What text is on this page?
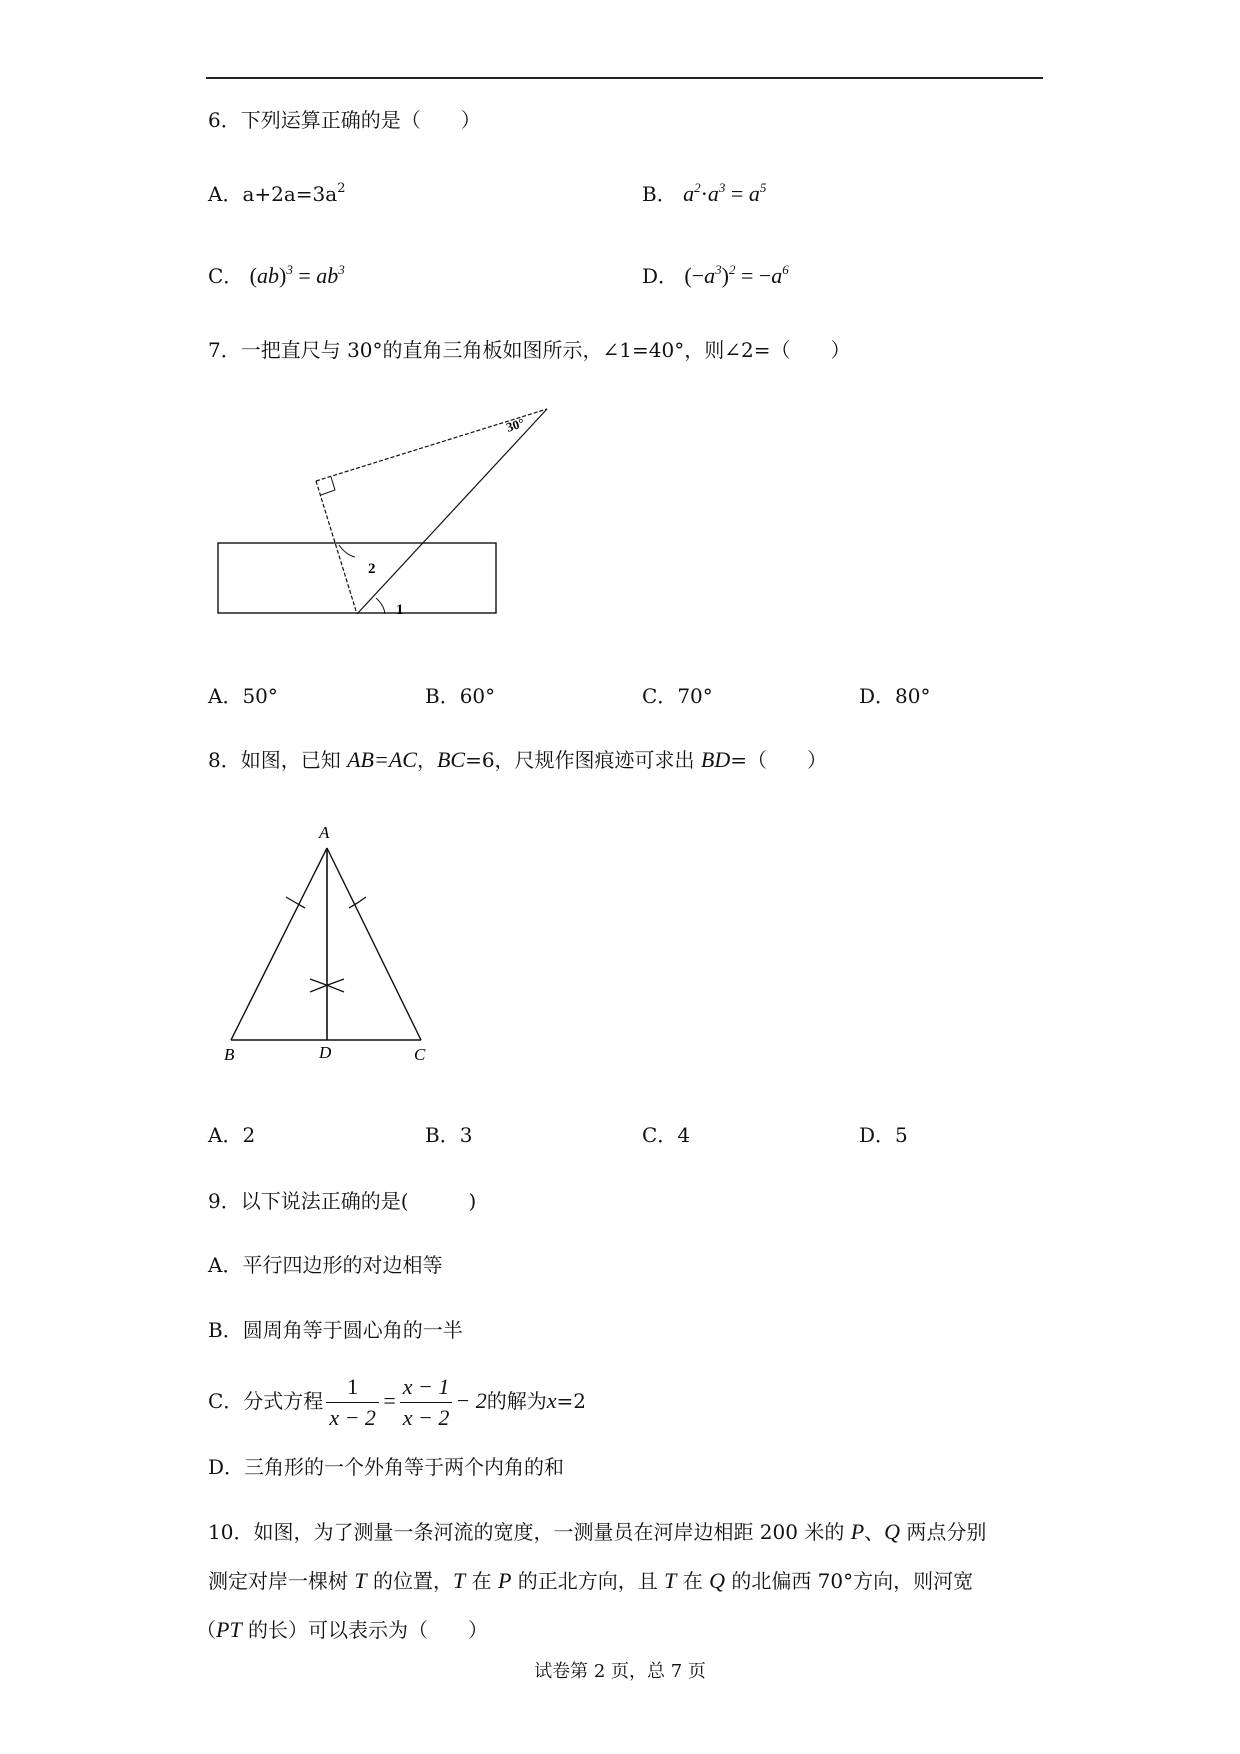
6．下列运算正确的是（　　）
A．$a+2a=3a^2$	B． $a^2\cdot a^3 = a^5$
C． $(ab)^3 = ab^3$	D． $(-a^3)^2 = -a^6$
7．一把直尺与 30°的直角三角板如图所示，∠1=40°，则∠2=（　　）
30°
2
1
A．50°	B．60°	C．70°	D．80°
8．如图，已知 AB=AC，BC=6，尺规作图痕迹可求出 BD=（　　）
A
B	D	C
A．2	B．3	C．4	D．5
9．以下说法正确的是(　　　)
A．平行四边形的对边相等
B．圆周角等于圆心角的一半
C．分式方程 $\frac{1}{x - 2} = \frac{x - 1}{x - 2} - 2$的解为x=2
D．三角形的一个外角等于两个内角的和
10．如图，为了测量一条河流的宽度，一测量员在河岸边相距 200 米的 P、Q 两点分别
测定对岸一棵树 T 的位置，T 在 P 的正北方向，且 T 在 Q 的北偏西 70°方向，则河宽
（PT 的长）可以表示为（　　）
试卷第 2 页，总 7 页
